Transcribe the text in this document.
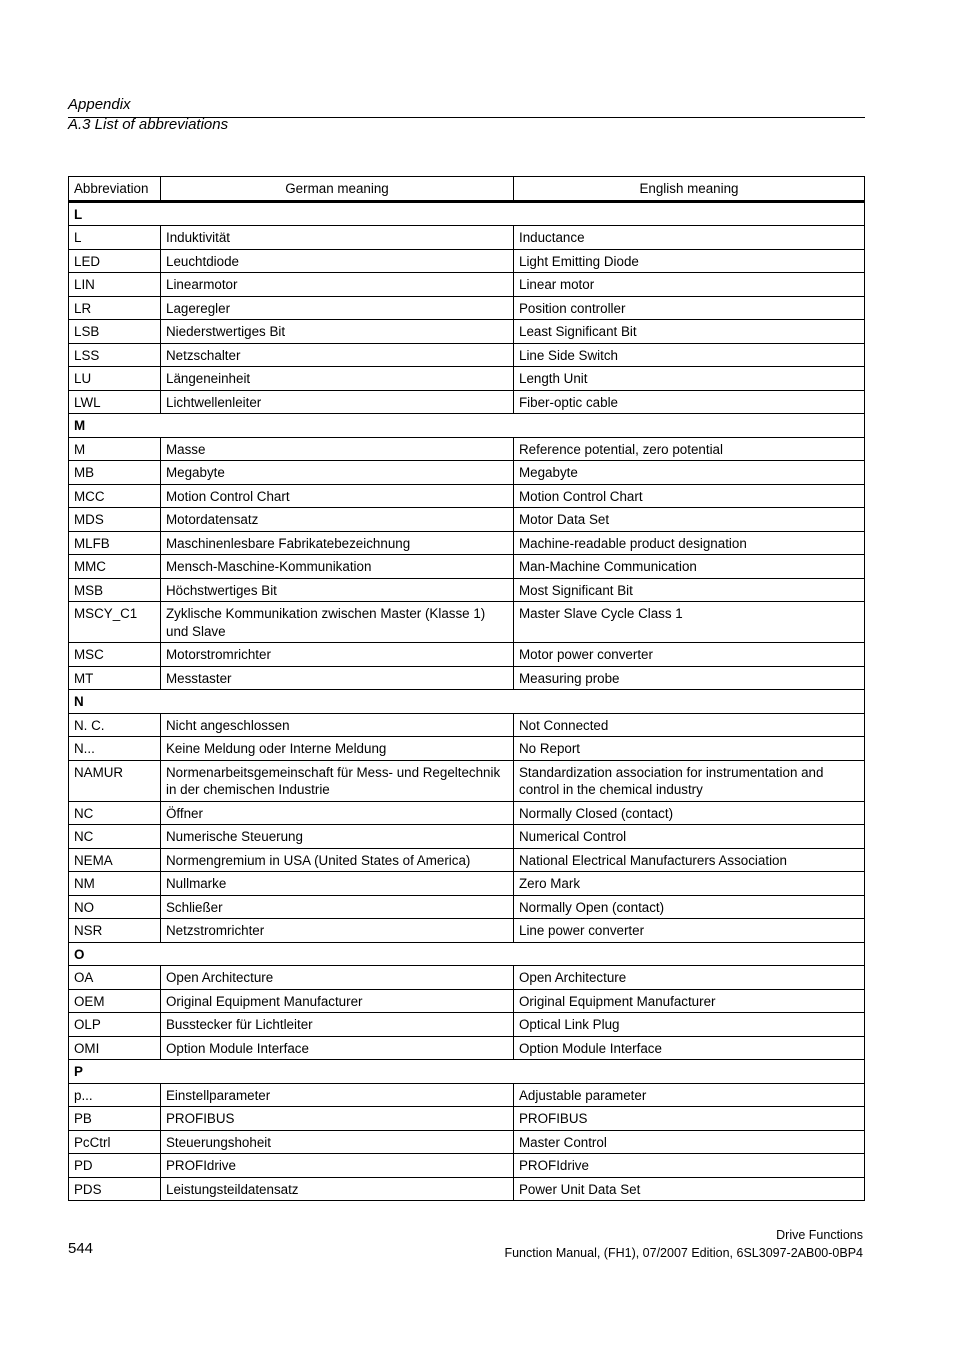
Appendix
A.3 List of abbreviations
Abbreviation	German meaning	English meaning
L		
L	Induktivität	Inductance
LED	Leuchtdiode	Light Emitting Diode
LIN	Linearmotor	Linear motor
LR	Lageregler	Position controller
LSB	Niederstwertiges Bit	Least Significant Bit
LSS	Netzschalter	Line Side Switch
LU	Längeneinheit	Length Unit
LWL	Lichtwellenleiter	Fiber-optic cable
M		
M	Masse	Reference potential, zero potential
MB	Megabyte	Megabyte
MCC	Motion Control Chart	Motion Control Chart
MDS	Motordatensatz	Motor Data Set
MLFB	Maschinenlesbare Fabrikatebezeichnung	Machine-readable product designation
MMC	Mensch-Maschine-Kommunikation	Man-Machine Communication
MSB	Höchstwertiges Bit	Most Significant Bit
MSCY_C1	Zyklische Kommunikation zwischen Master (Klasse 1) und Slave	Master Slave Cycle Class 1
MSC	Motorstromrichter	Motor power converter
MT	Messtaster	Measuring probe
N		
N. C.	Nicht angeschlossen	Not Connected
N...	Keine Meldung oder Interne Meldung	No Report
NAMUR	Normenarbeitsgemeinschaft für Mess- und Regeltechnik in der chemischen Industrie	Standardization association for instrumentation and control in the chemical industry
NC	Öffner	Normally Closed (contact)
NC	Numerische Steuerung	Numerical Control
NEMA	Normengremium in USA (United States of America)	National Electrical Manufacturers Association
NM	Nullmarke	Zero Mark
NO	Schließer	Normally Open (contact)
NSR	Netzstromrichter	Line power converter
O		
OA	Open Architecture	Open Architecture
OEM	Original Equipment Manufacturer	Original Equipment Manufacturer
OLP	Busstecker für Lichtleiter	Optical Link Plug
OMI	Option Module Interface	Option Module Interface
P		
p...	Einstellparameter	Adjustable parameter
PB	PROFIBUS	PROFIBUS
PcCtrl	Steuerungshoheit	Master Control
PD	PROFIdrive	PROFIdrive
PDS	Leistungsteildatensatz	Power Unit Data Set
Drive Functions
Function Manual, (FH1), 07/2007 Edition, 6SL3097-2AB00-0BP4
544
